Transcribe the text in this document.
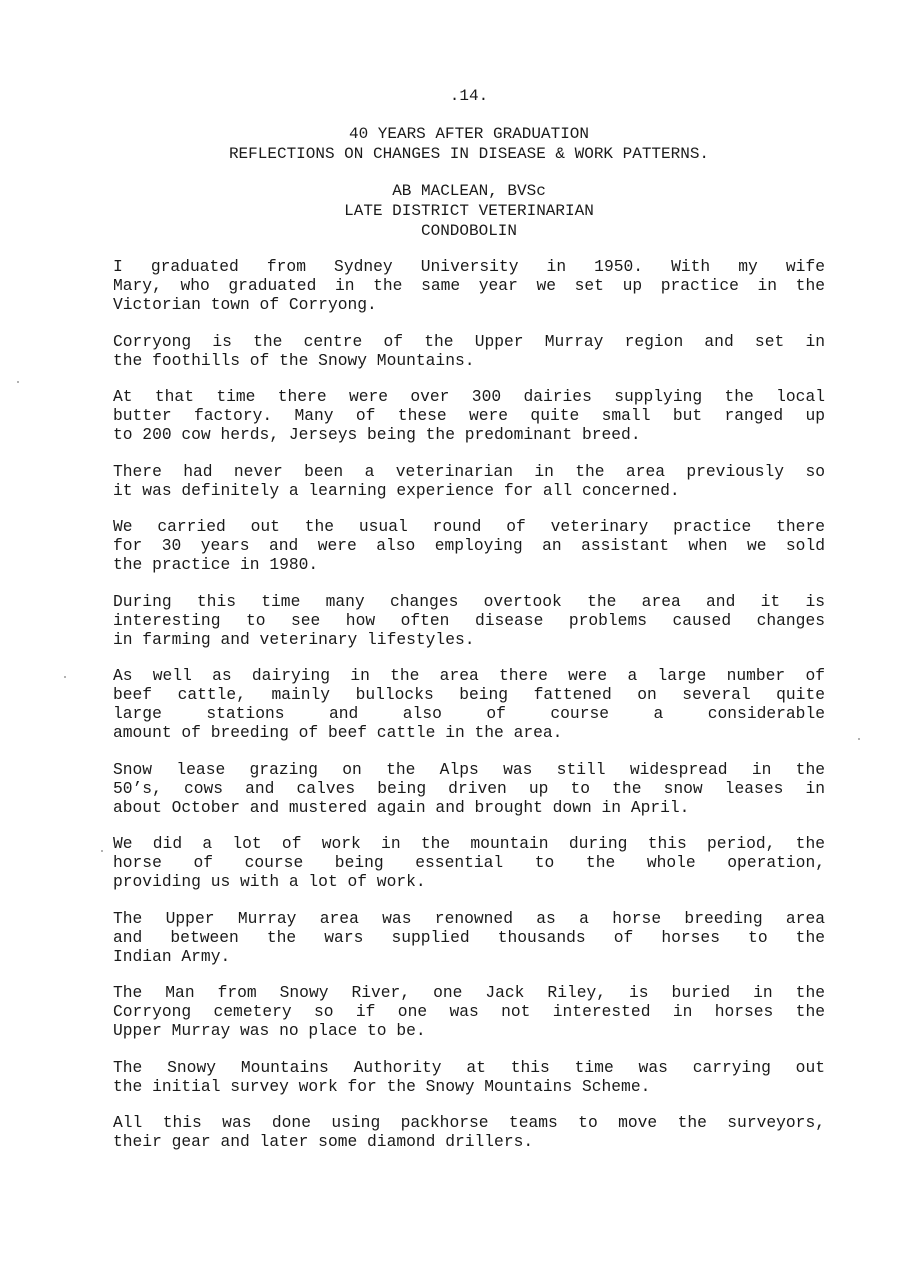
.14.
40 YEARS AFTER GRADUATION
REFLECTIONS ON CHANGES IN DISEASE & WORK PATTERNS.
AB MACLEAN, BVSc
LATE DISTRICT VETERINARIAN
CONDOBOLIN

I graduated from Sydney University in 1950. With my wife
Mary, who graduated in the same year we set up practice in the
Victorian town of Corryong.

Corryong is the centre of the Upper Murray region and set in
the foothills of the Snowy Mountains.

At that time there were over 300 dairies supplying the local
butter factory. Many of these were quite small but ranged up
to 200 cow herds, Jerseys being the predominant breed.

There had never been a veterinarian in the area previously so
it was definitely a learning experience for all concerned.

We carried out the usual round of veterinary practice there
for 30 years and were also employing an assistant when we sold
the practice in 1980.

During this time many changes overtook the area and it is
interesting to see how often disease problems caused changes
in farming and veterinary lifestyles.

As well as dairying in the area there were a large number of
beef cattle, mainly bullocks being fattened on several quite
large stations and also of course a considerable
amount of breeding of beef cattle in the area.

Snow lease grazing on the Alps was still widespread in the
50’s, cows and calves being driven up to the snow leases in
about October and mustered again and brought down in April.

We did a lot of work in the mountain during this period, the
horse of course being essential to the whole operation,
providing us with a lot of work.

The Upper Murray area was renowned as a horse breeding area
and between the wars supplied thousands of horses to the
Indian Army.

The Man from Snowy River, one Jack Riley, is buried in the
Corryong cemetery so if one was not interested in horses the
Upper Murray was no place to be.

The Snowy Mountains Authority at this time was carrying out
the initial survey work for the Snowy Mountains Scheme.

All this was done using packhorse teams to move the surveyors,
their gear and later some diamond drillers.
